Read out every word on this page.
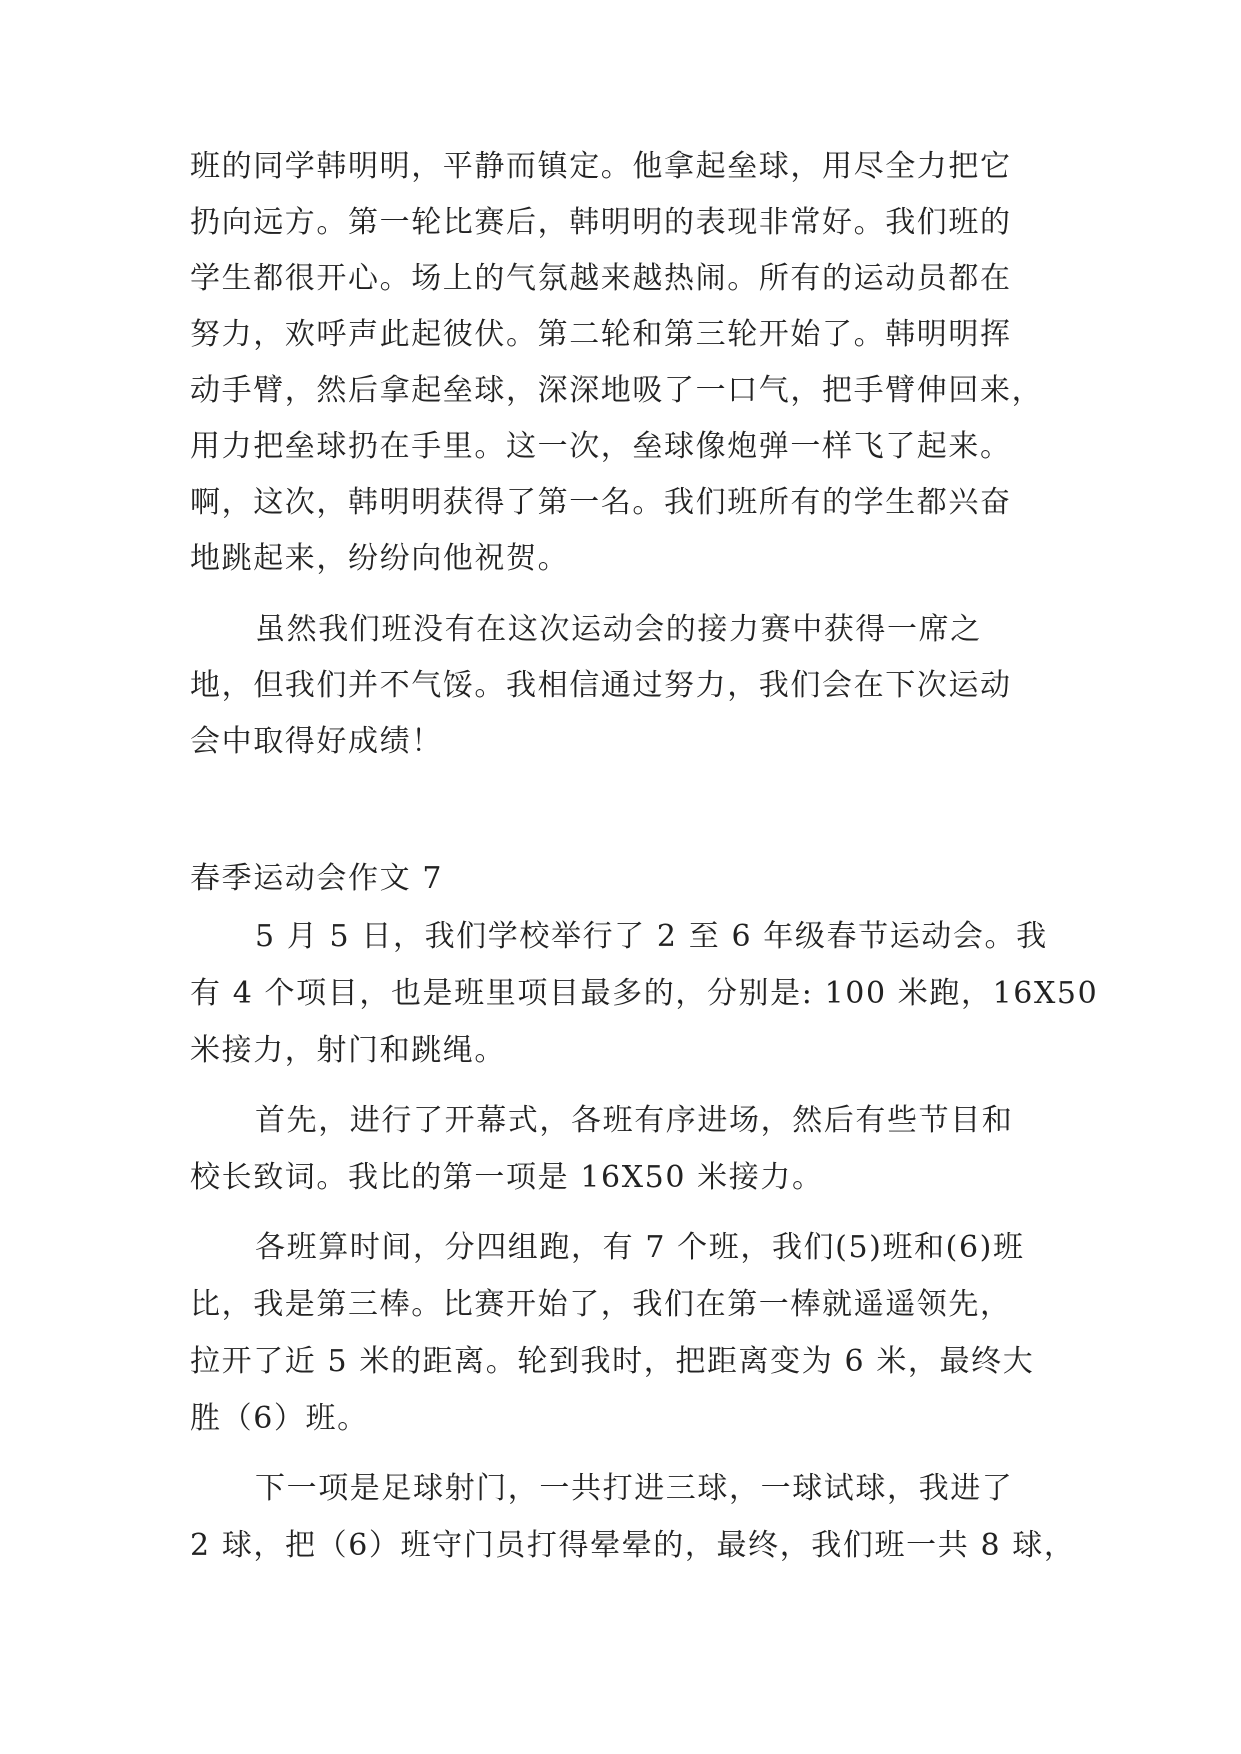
班的同学韩明明，平静而镇定。他拿起垒球，用尽全力把它
扔向远方。第一轮比赛后，韩明明的表现非常好。我们班的
学生都很开心。场上的气氛越来越热闹。所有的运动员都在
努力，欢呼声此起彼伏。第二轮和第三轮开始了。韩明明挥
动手臂，然后拿起垒球，深深地吸了一口气，把手臂伸回来，
用力把垒球扔在手里。这一次，垒球像炮弹一样飞了起来。
啊，这次，韩明明获得了第一名。我们班所有的学生都兴奋
地跳起来，纷纷向他祝贺。
虽然我们班没有在这次运动会的接力赛中获得一席之
地，但我们并不气馁。我相信通过努力，我们会在下次运动
会中取得好成绩！
春季运动会作文 7
5 月 5 日，我们学校举行了 2 至 6 年级春节运动会。我
有 4 个项目，也是班里项目最多的，分别是: 100 米跑，16X50
米接力，射门和跳绳。
首先，进行了开幕式，各班有序进场，然后有些节目和
校长致词。我比的第一项是 16X50 米接力。
各班算时间，分四组跑，有 7 个班，我们(5)班和(6)班
比，我是第三棒。比赛开始了，我们在第一棒就遥遥领先，
拉开了近 5 米的距离。轮到我时，把距离变为 6 米，最终大
胜（6）班。
下一项是足球射门，一共打进三球，一球试球，我进了
2 球，把（6）班守门员打得晕晕的，最终，我们班一共 8 球，
